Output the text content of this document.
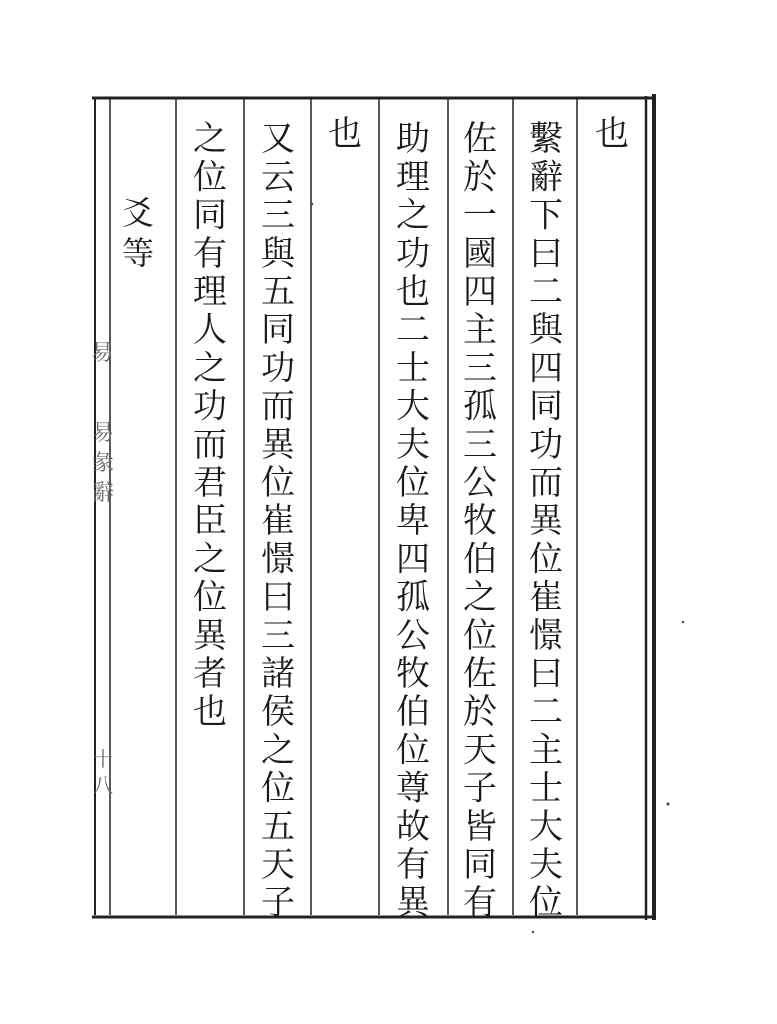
易
易
彖
辭
十
八
也
繫
辭
下
曰
二
與
四
同
功
而
異
位
崔
憬
曰
二
主
士
大
夫
位
佐
於
一
國
四
主
三
孤
三
公
牧
伯
之
位
佐
於
天
子
皆
同
有
助
理
之
功
也
二
士
大
夫
位
卑
四
孤
公
牧
伯
位
尊
故
有
異
也
又
云
三
與
五
同
功
而
異
位
崔
憬
曰
三
諸
侯
之
位
五
天
子
之
位
同
有
理
人
之
功
而
君
臣
之
位
異
者
也
爻
等
